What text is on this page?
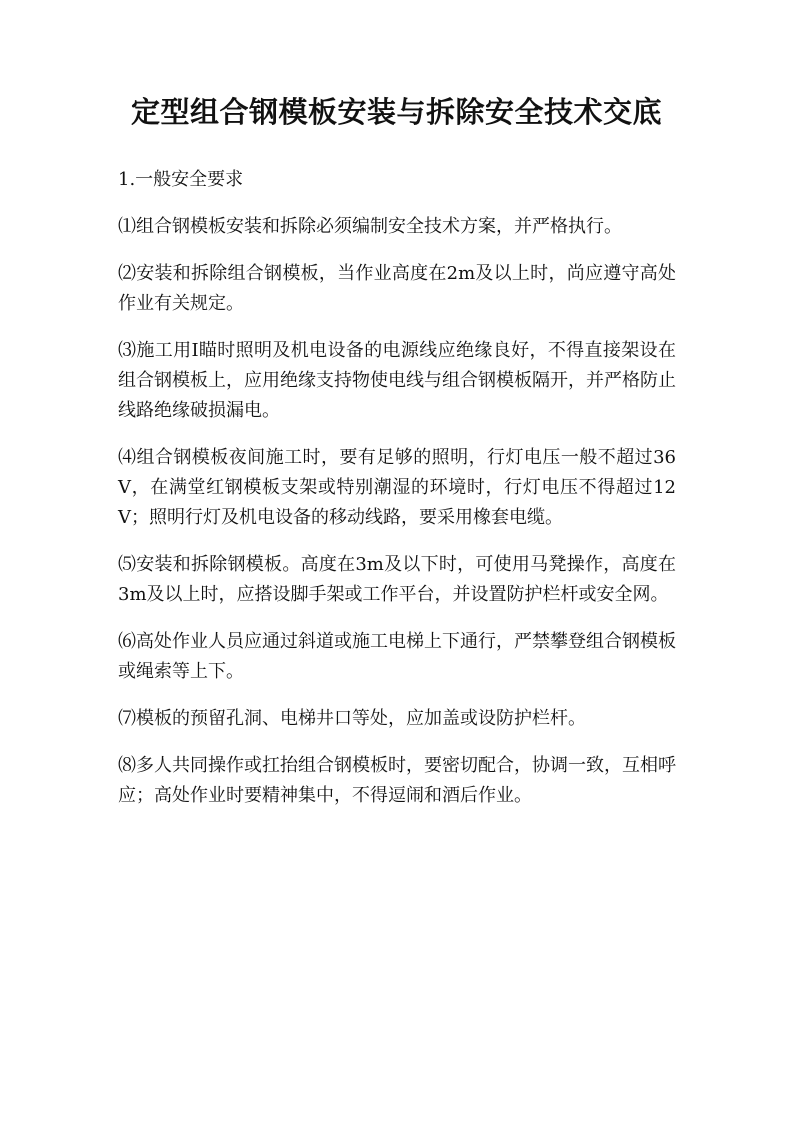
定型组合钢模板安装与拆除安全技术交底

1.一般安全要求

⑴组合钢模板安装和拆除必须编制安全技术方案，并严格执行。

⑵安装和拆除组合钢模板，当作业高度在2m及以上时，尚应遵守高处作业有关规定。

⑶施工用Ⅰ瞄时照明及机电设备的电源线应绝缘良好，不得直接架设在组合钢模板上，应用绝缘支持物使电线与组合钢模板隔开，并严格防止线路绝缘破损漏电。

⑷组合钢模板夜间施工时，要有足够的照明，行灯电压一般不超过36V，在满堂红钢模板支架或特别潮湿的环境时，行灯电压不得超过12V；照明行灯及机电设备的移动线路，要采用橡套电缆。

⑸安装和拆除钢模板。高度在3m及以下时，可使用马凳操作，高度在3m及以上时，应搭设脚手架或工作平台，并设置防护栏杆或安全网。

⑹高处作业人员应通过斜道或施工电梯上下通行，严禁攀登组合钢模板或绳索等上下。

⑺模板的预留孔洞、电梯井口等处，应加盖或设防护栏杆。

⑻多人共同操作或扛抬组合钢模板时，要密切配合，协调一致，互相呼应；高处作业时要精神集中，不得逗闹和酒后作业。
